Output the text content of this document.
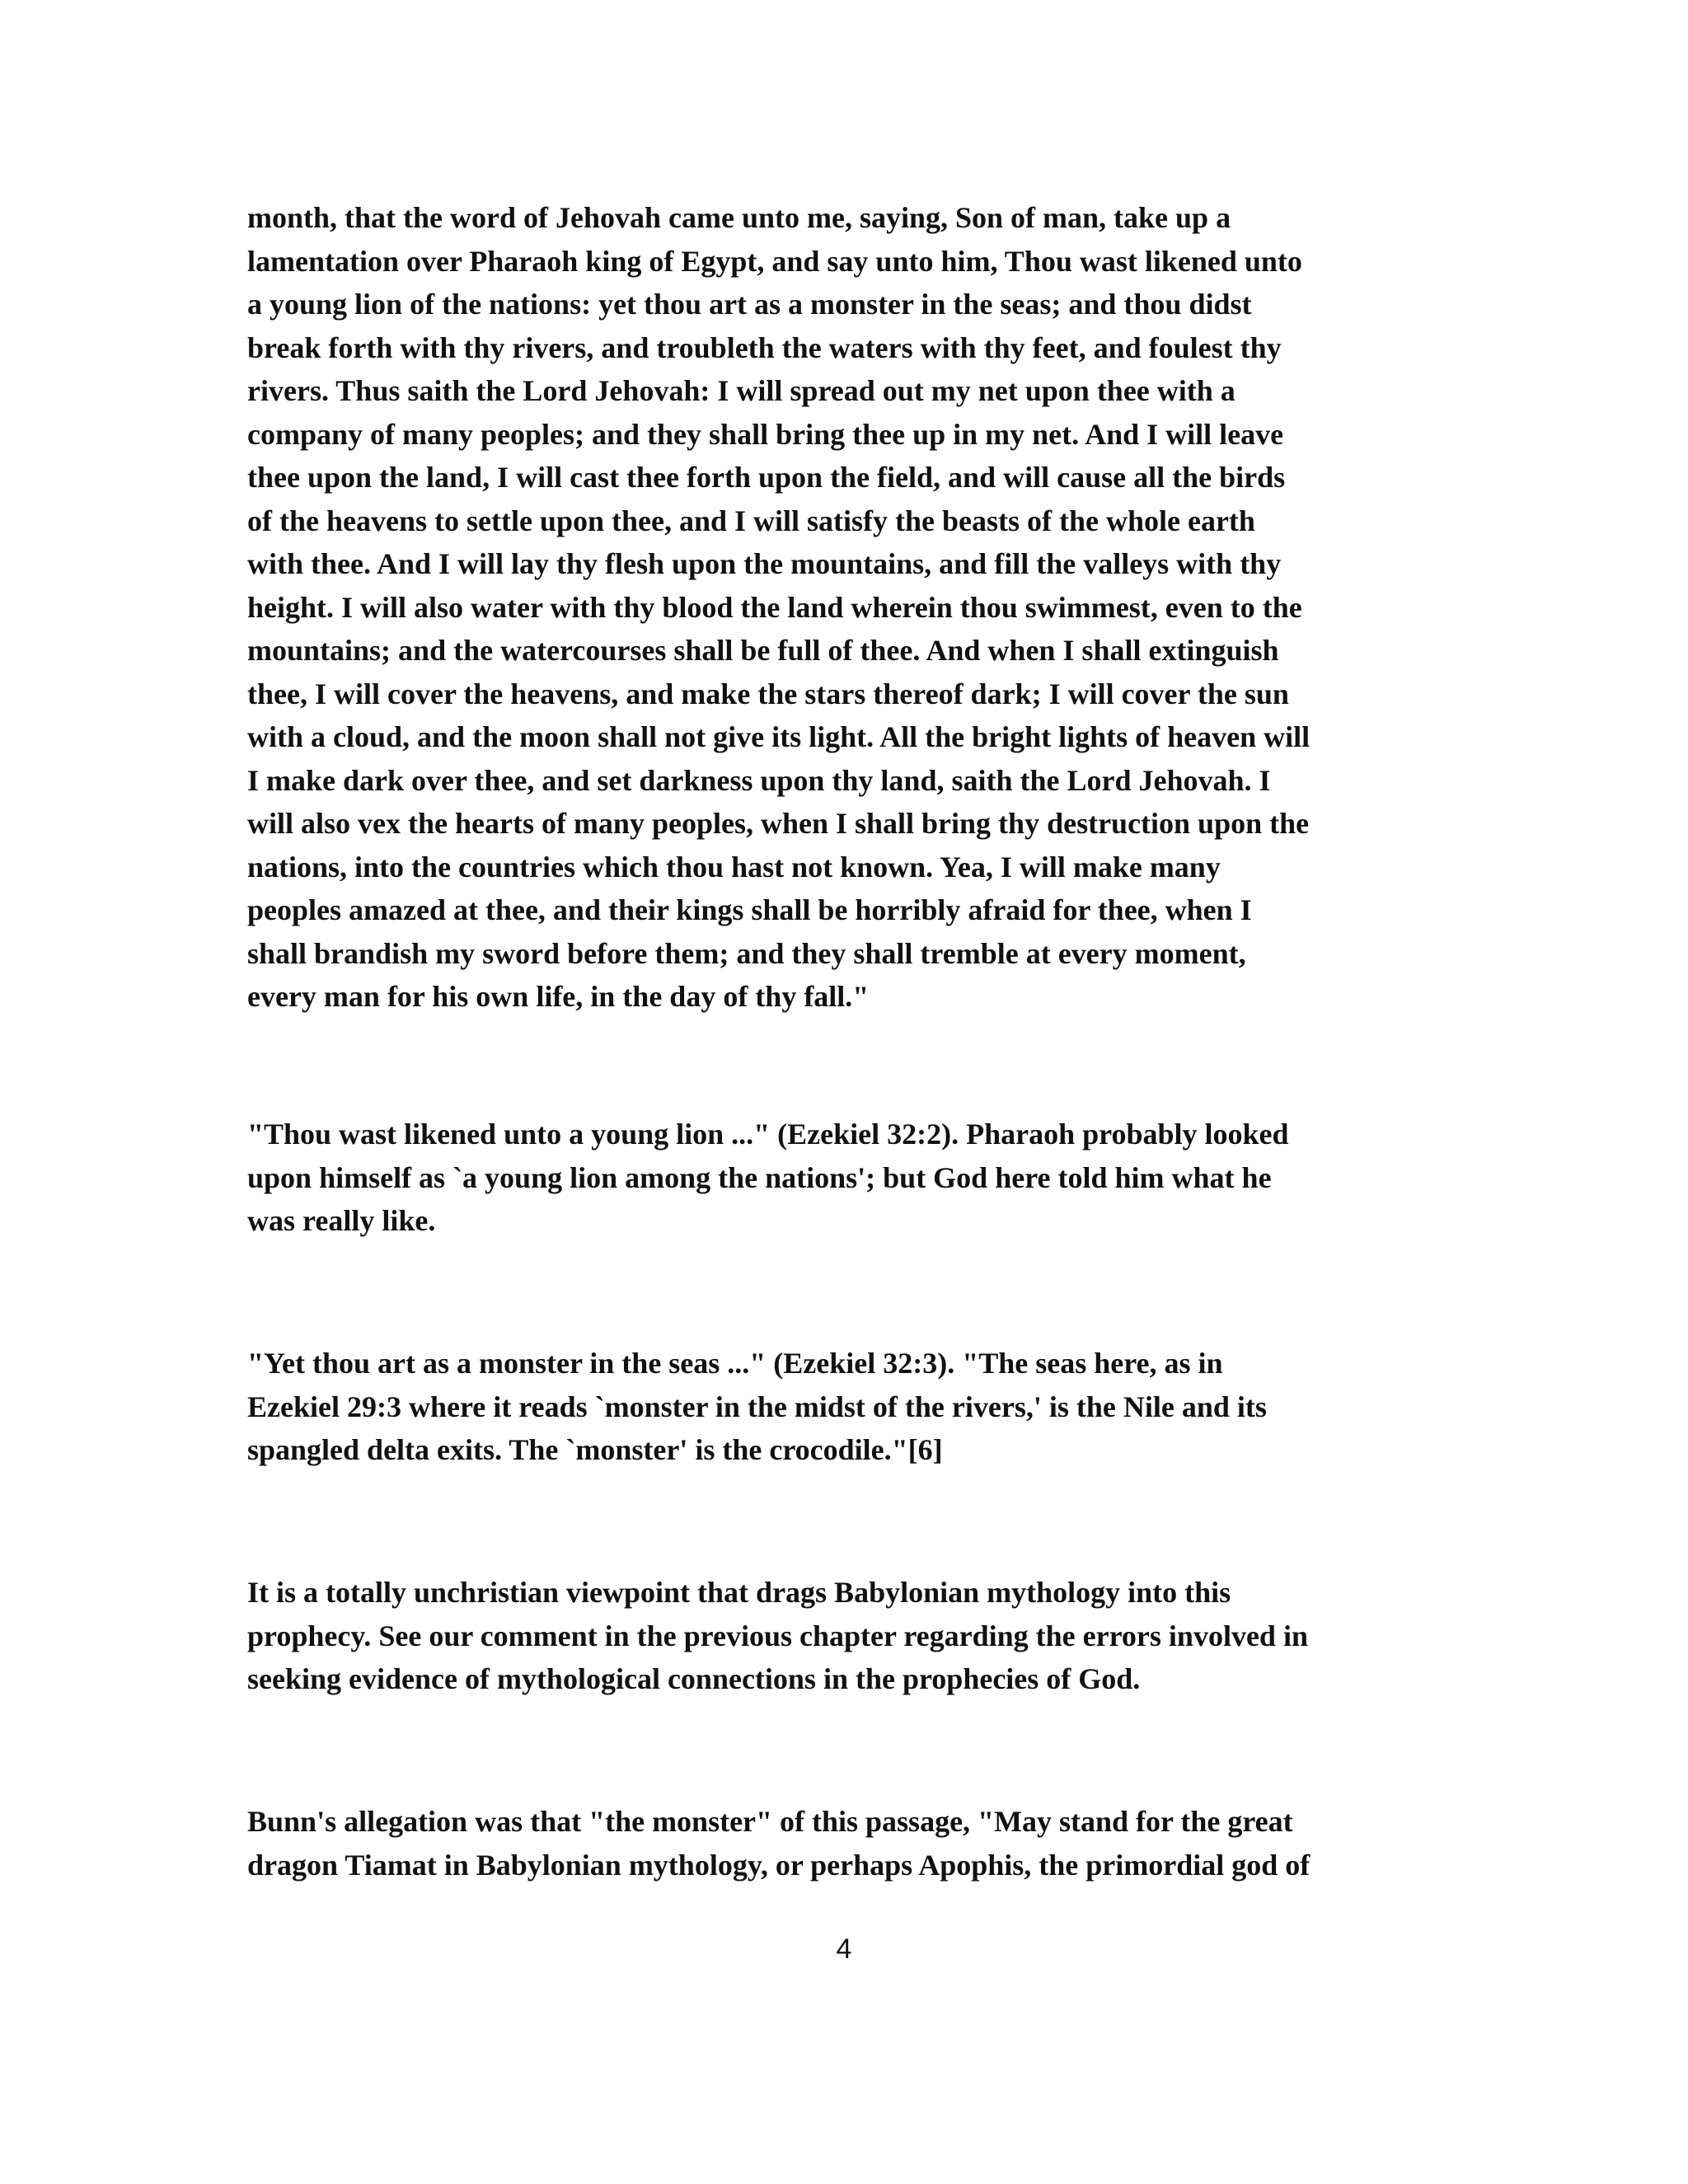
month, that the word of Jehovah came unto me, saying, Son of man, take up a
lamentation over Pharaoh king of Egypt, and say unto him, Thou wast likened unto
a young lion of the nations: yet thou art as a monster in the seas; and thou didst
break forth with thy rivers, and troubleth the waters with thy feet, and foulest thy
rivers. Thus saith the Lord Jehovah: I will spread out my net upon thee with a
company of many peoples; and they shall bring thee up in my net. And I will leave
thee upon the land, I will cast thee forth upon the field, and will cause all the birds
of the heavens to settle upon thee, and I will satisfy the beasts of the whole earth
with thee. And I will lay thy flesh upon the mountains, and fill the valleys with thy
height. I will also water with thy blood the land wherein thou swimmest, even to the
mountains; and the watercourses shall be full of thee. And when I shall extinguish
thee, I will cover the heavens, and make the stars thereof dark; I will cover the sun
with a cloud, and the moon shall not give its light. All the bright lights of heaven will
I make dark over thee, and set darkness upon thy land, saith the Lord Jehovah. I
will also vex the hearts of many peoples, when I shall bring thy destruction upon the
nations, into the countries which thou hast not known. Yea, I will make many
peoples amazed at thee, and their kings shall be horribly afraid for thee, when I
shall brandish my sword before them; and they shall tremble at every moment,
every man for his own life, in the day of thy fall."

"Thou wast likened unto a young lion ..." (Ezekiel 32:2). Pharaoh probably looked
upon himself as `a young lion among the nations'; but God here told him what he
was really like.

"Yet thou art as a monster in the seas ..." (Ezekiel 32:3). "The seas here, as in
Ezekiel 29:3 where it reads `monster in the midst of the rivers,' is the Nile and its
spangled delta exits. The `monster' is the crocodile."[6]

It is a totally unchristian viewpoint that drags Babylonian mythology into this
prophecy. See our comment in the previous chapter regarding the errors involved in
seeking evidence of mythological connections in the prophecies of God.

Bunn's allegation was that "the monster" of this passage, "May stand for the great
dragon Tiamat in Babylonian mythology, or perhaps Apophis, the primordial god of

4
